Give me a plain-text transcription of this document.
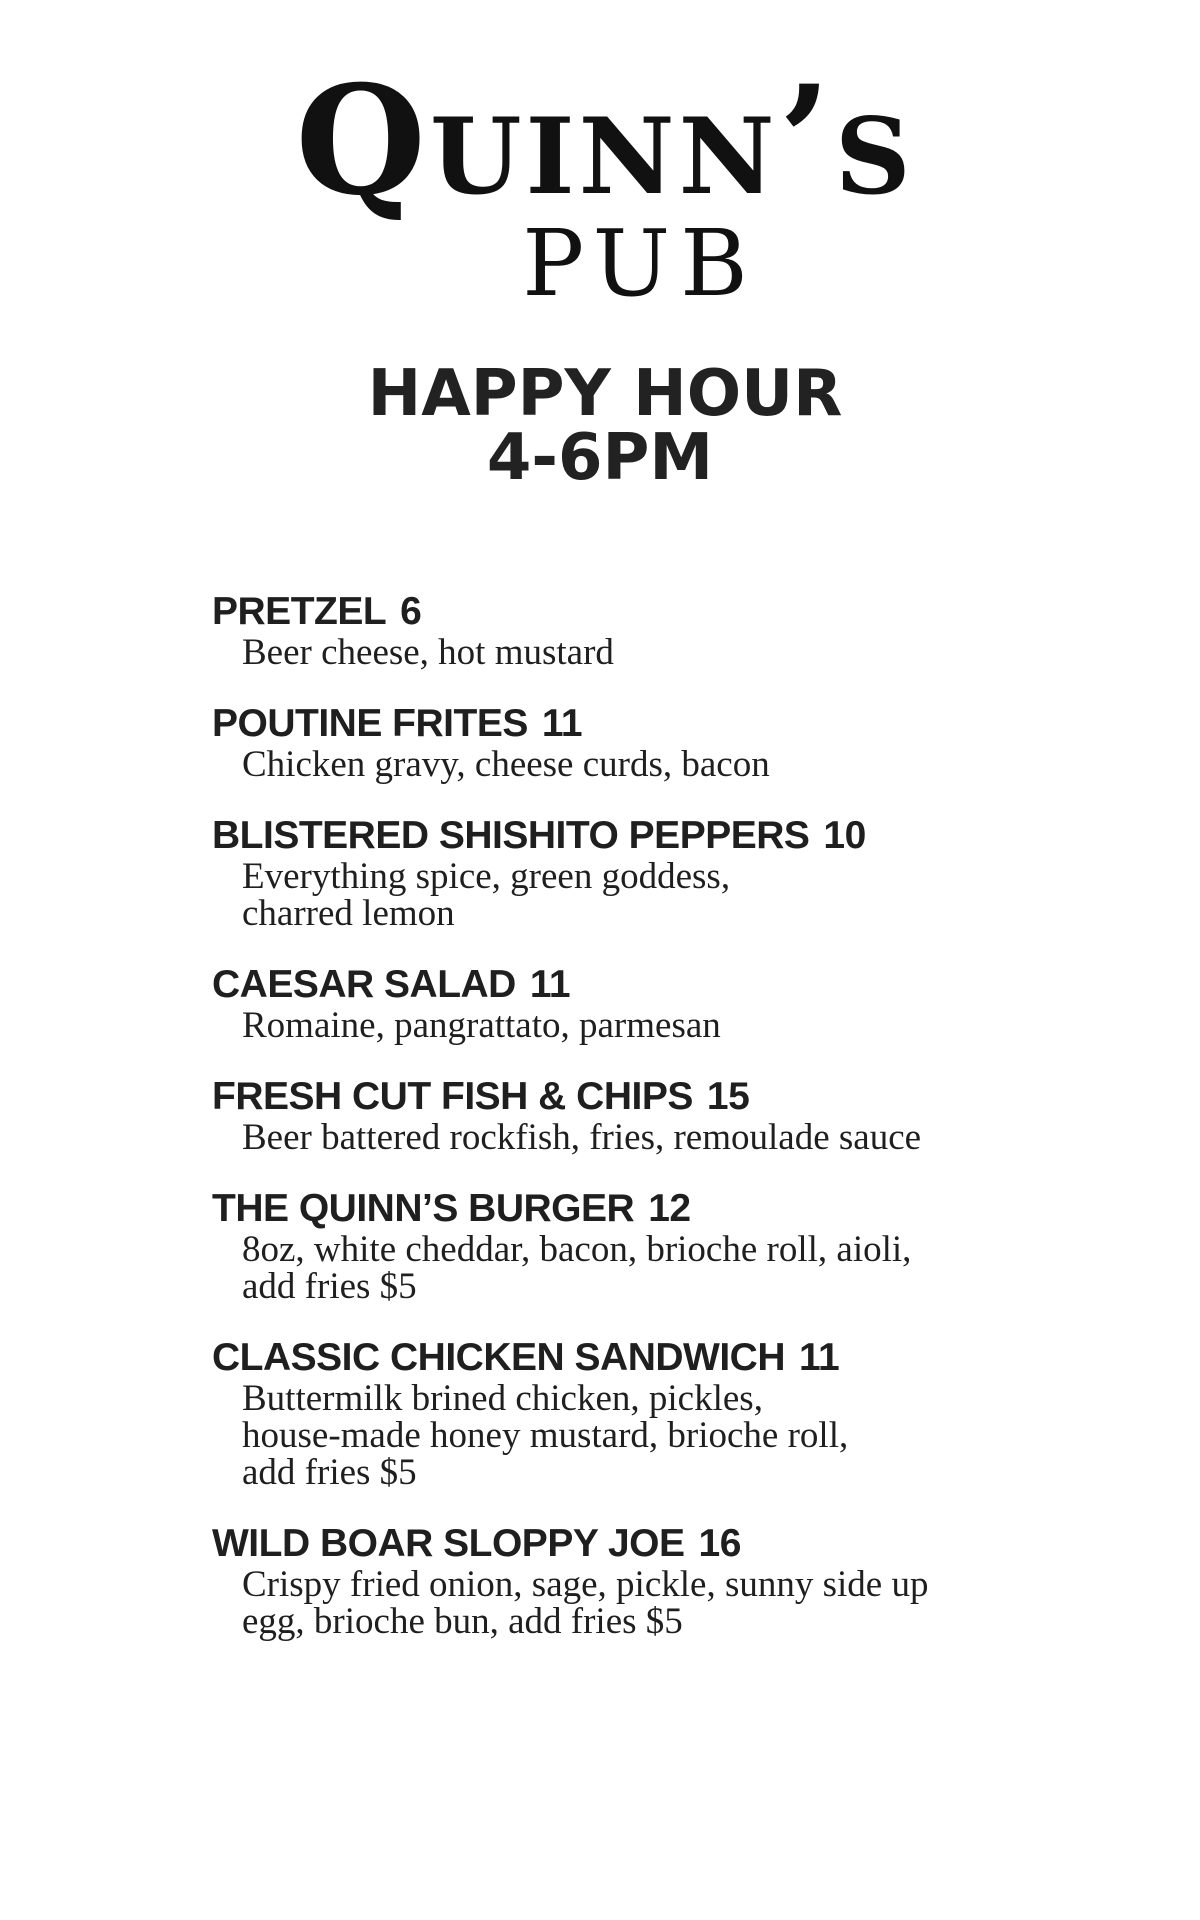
Quinn’s
PUB
HAPPY HOUR
4-6PM
PRETZEL 6
Beer cheese, hot mustard
POUTINE FRITES 11
Chicken gravy, cheese curds, bacon
BLISTERED SHISHITO PEPPERS 10
Everything spice, green goddess,
charred lemon
CAESAR SALAD 11
Romaine, pangrattato, parmesan
FRESH CUT FISH & CHIPS 15
Beer battered rockfish, fries, remoulade sauce
THE QUINN’S BURGER 12
8oz, white cheddar, bacon, brioche roll, aioli,
add fries $5
CLASSIC CHICKEN SANDWICH 11
Buttermilk brined chicken, pickles,
house-made honey mustard, brioche roll,
add fries $5
WILD BOAR SLOPPY JOE 16
Crispy fried onion, sage, pickle, sunny side up
egg, brioche bun, add fries $5
